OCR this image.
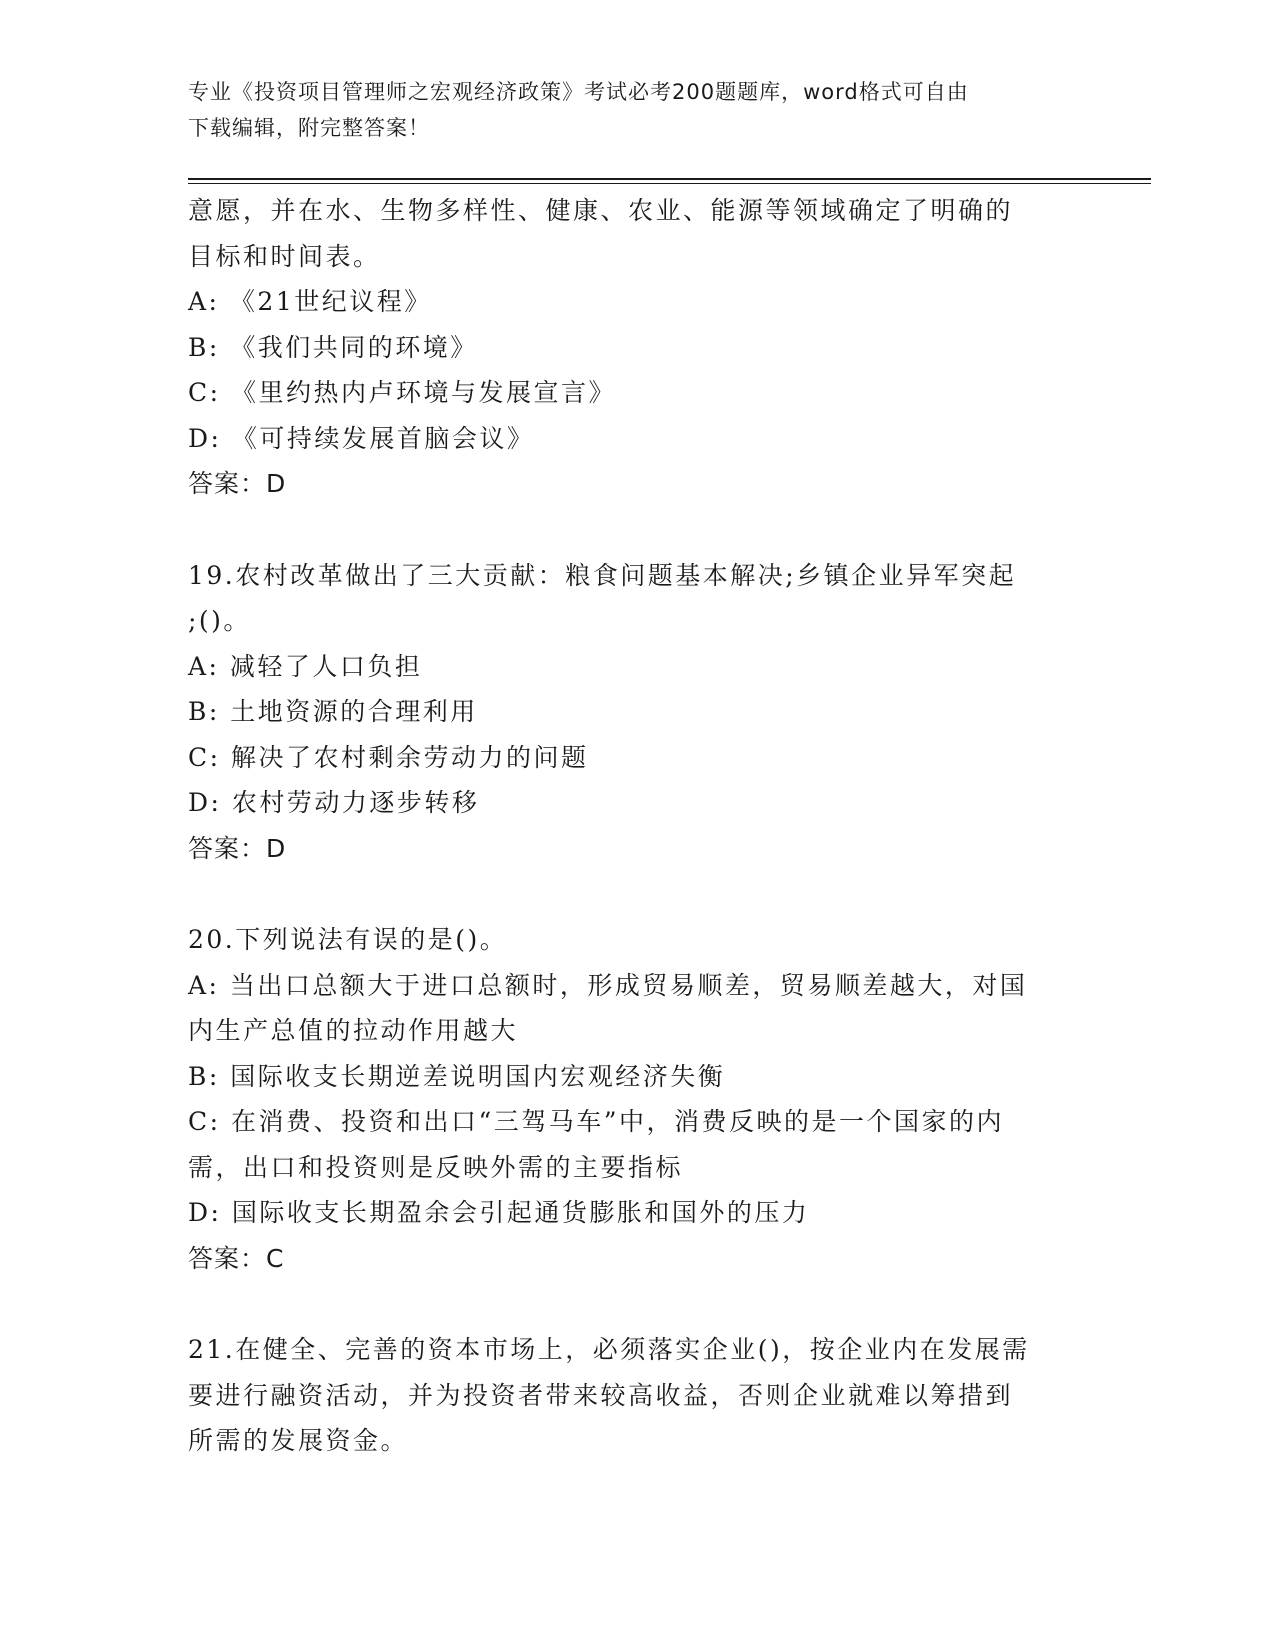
专业《投资项目管理师之宏观经济政策》考试必考200题题库，word格式可自由
下载编辑，附完整答案！
意愿，并在水、生物多样性、健康、农业、能源等领域确定了明确的
目标和时间表。
A: 《21世纪议程》
B: 《我们共同的环境》
C: 《里约热内卢环境与发展宣言》
D: 《可持续发展首脑会议》
答案：D
19.农村改革做出了三大贡献：粮食问题基本解决;乡镇企业异军突起
;()。
A: 减轻了人口负担
B: 土地资源的合理利用
C: 解决了农村剩余劳动力的问题
D: 农村劳动力逐步转移
答案：D
20.下列说法有误的是()。
A: 当出口总额大于进口总额时，形成贸易顺差，贸易顺差越大，对国
内生产总值的拉动作用越大
B: 国际收支长期逆差说明国内宏观经济失衡
C: 在消费、投资和出口“三驾马车”中，消费反映的是一个国家的内
需，出口和投资则是反映外需的主要指标
D: 国际收支长期盈余会引起通货膨胀和国外的压力
答案：C
21.在健全、完善的资本市场上，必须落实企业()，按企业内在发展需
要进行融资活动，并为投资者带来较高收益，否则企业就难以筹措到
所需的发展资金。
